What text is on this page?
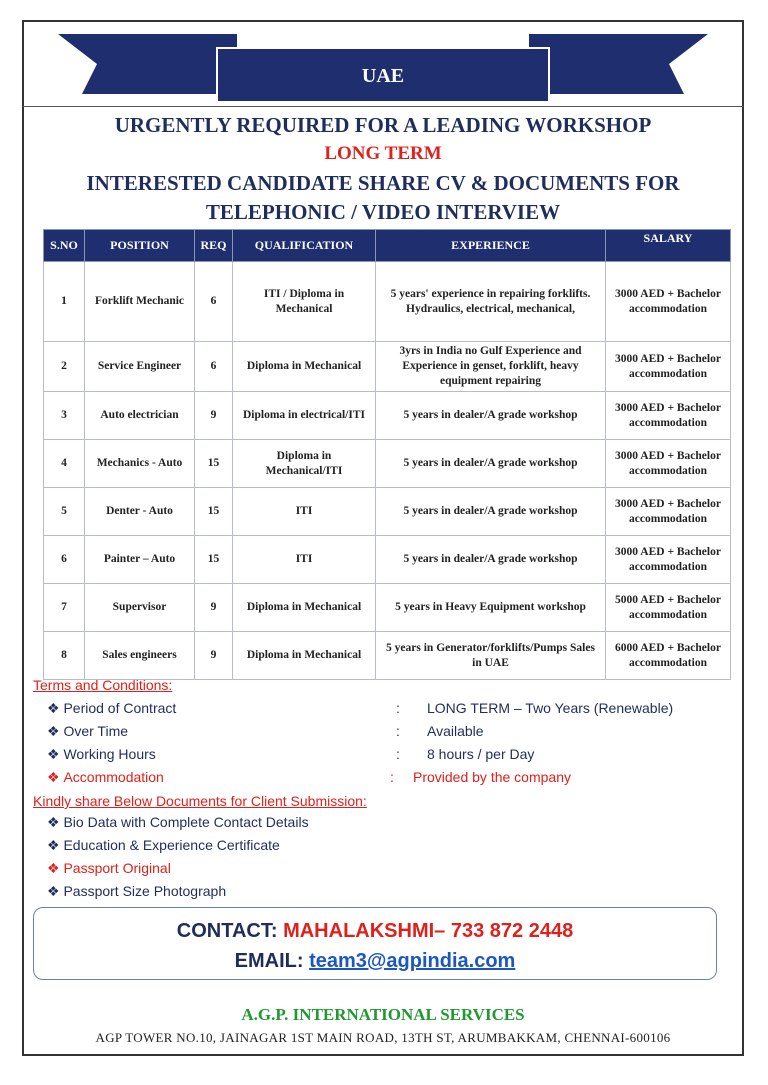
UAE
URGENTLY REQUIRED FOR A LEADING WORKSHOP
LONG TERM
INTERESTED CANDIDATE SHARE CV & DOCUMENTS FOR
TELEPHONIC / VIDEO INTERVIEW
S.NO	POSITION	REQ	QUALIFICATION	EXPERIENCE	SALARY
1	Forklift Mechanic	6	ITI / Diploma in Mechanical	5 years' experience in repairing forklifts. Hydraulics, electrical, mechanical,	3000 AED + Bachelor accommodation
2	Service Engineer	6	Diploma in Mechanical	3yrs in India no Gulf Experience and Experience in genset, forklift, heavy equipment repairing	3000 AED + Bachelor accommodation
3	Auto electrician	9	Diploma in electrical/ITI	5 years in dealer/A grade workshop	3000 AED + Bachelor accommodation
4	Mechanics - Auto	15	Diploma in Mechanical/ITI	5 years in dealer/A grade workshop	3000 AED + Bachelor accommodation
5	Denter - Auto	15	ITI	5 years in dealer/A grade workshop	3000 AED + Bachelor accommodation
6	Painter – Auto	15	ITI	5 years in dealer/A grade workshop	3000 AED + Bachelor accommodation
7	Supervisor	9	Diploma in Mechanical	5 years in Heavy Equipment workshop	5000 AED + Bachelor accommodation
8	Sales engineers	9	Diploma in Mechanical	5 years in Generator/forklifts/Pumps Sales in UAE	6000 AED + Bachelor accommodation
Terms and Conditions:
❖ Period of Contract	: LONG TERM – Two Years (Renewable)
❖ Over Time	: Available
❖ Working Hours	: 8 hours / per Day
❖ Accommodation	: Provided by the company
Kindly share Below Documents for Client Submission:
❖ Bio Data with Complete Contact Details
❖ Education & Experience Certificate
❖ Passport Original
❖ Passport Size Photograph
CONTACT: MAHALAKSHMI– 733 872 2448
EMAIL: team3@agpindia.com
A.G.P. INTERNATIONAL SERVICES
AGP TOWER NO.10, JAINAGAR 1ST MAIN ROAD, 13TH ST, ARUMBAKKAM, CHENNAI-600106
